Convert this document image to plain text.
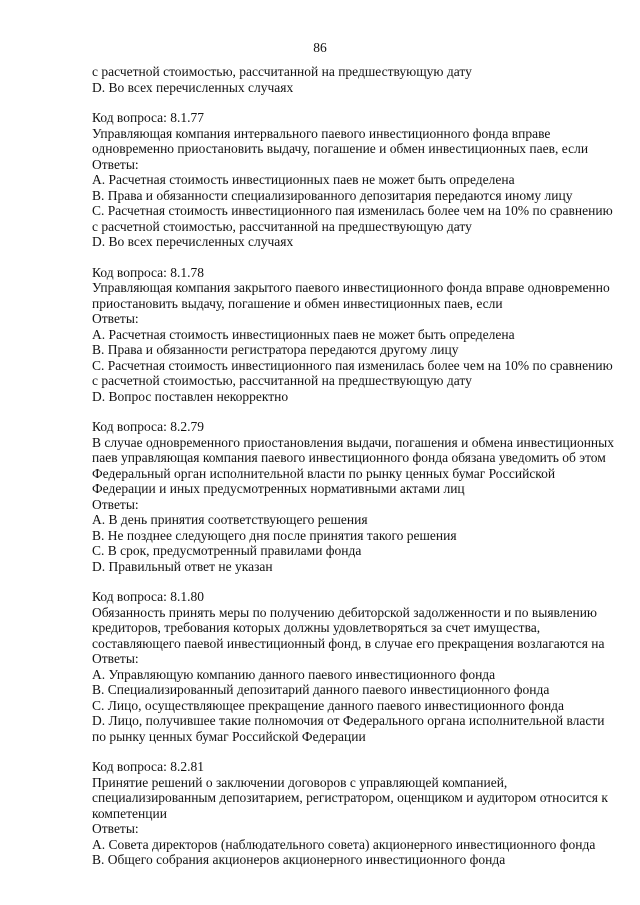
86
с расчетной стоимостью, рассчитанной на предшествующую дату
D. Во всех перечисленных случаях
Код вопроса: 8.1.77
Управляющая компания интервального паевого инвестиционного фонда вправе
одновременно приостановить выдачу, погашение и обмен инвестиционных паев, если
Ответы:
A. Расчетная стоимость инвестиционных паев не может быть определена
B. Права и обязанности специализированного депозитария передаются иному лицу
C. Расчетная стоимость инвестиционного пая изменилась более чем на 10% по сравнению
с расчетной стоимостью, рассчитанной на предшествующую дату
D. Во всех перечисленных случаях
Код вопроса: 8.1.78
Управляющая компания закрытого паевого инвестиционного фонда вправе одновременно
приостановить выдачу, погашение и обмен инвестиционных паев, если
Ответы:
A. Расчетная стоимость инвестиционных паев не может быть определена
B. Права и обязанности регистратора передаются другому лицу
C. Расчетная стоимость инвестиционного пая изменилась более чем на 10% по сравнению
с расчетной стоимостью, рассчитанной на предшествующую дату
D. Вопрос поставлен некорректно
Код вопроса: 8.2.79
В случае одновременного приостановления выдачи, погашения и обмена инвестиционных
паев управляющая компания паевого инвестиционного фонда обязана уведомить об этом
Федеральный орган исполнительной власти по рынку ценных бумаг Российской
Федерации и иных предусмотренных нормативными актами лиц
Ответы:
A. В день принятия соответствующего решения
B. Не позднее следующего дня после принятия такого решения
C. В срок, предусмотренный правилами фонда
D. Правильный ответ не указан
Код вопроса: 8.1.80
Обязанность принять меры по получению дебиторской задолженности и по выявлению
кредиторов, требования которых должны удовлетворяться за счет имущества,
составляющего паевой инвестиционный фонд, в случае его прекращения возлагаются на
Ответы:
A. Управляющую компанию данного паевого инвестиционного фонда
B. Специализированный депозитарий данного паевого инвестиционного фонда
C. Лицо, осуществляющее прекращение данного паевого инвестиционного фонда
D. Лицо, получившее такие полномочия от Федерального органа исполнительной власти
по рынку ценных бумаг Российской Федерации
Код вопроса: 8.2.81
Принятие решений о заключении договоров с управляющей компанией,
специализированным депозитарием, регистратором, оценщиком и аудитором относится к
компетенции
Ответы:
A. Совета директоров (наблюдательного совета) акционерного инвестиционного фонда
B. Общего собрания акционеров акционерного инвестиционного фонда
